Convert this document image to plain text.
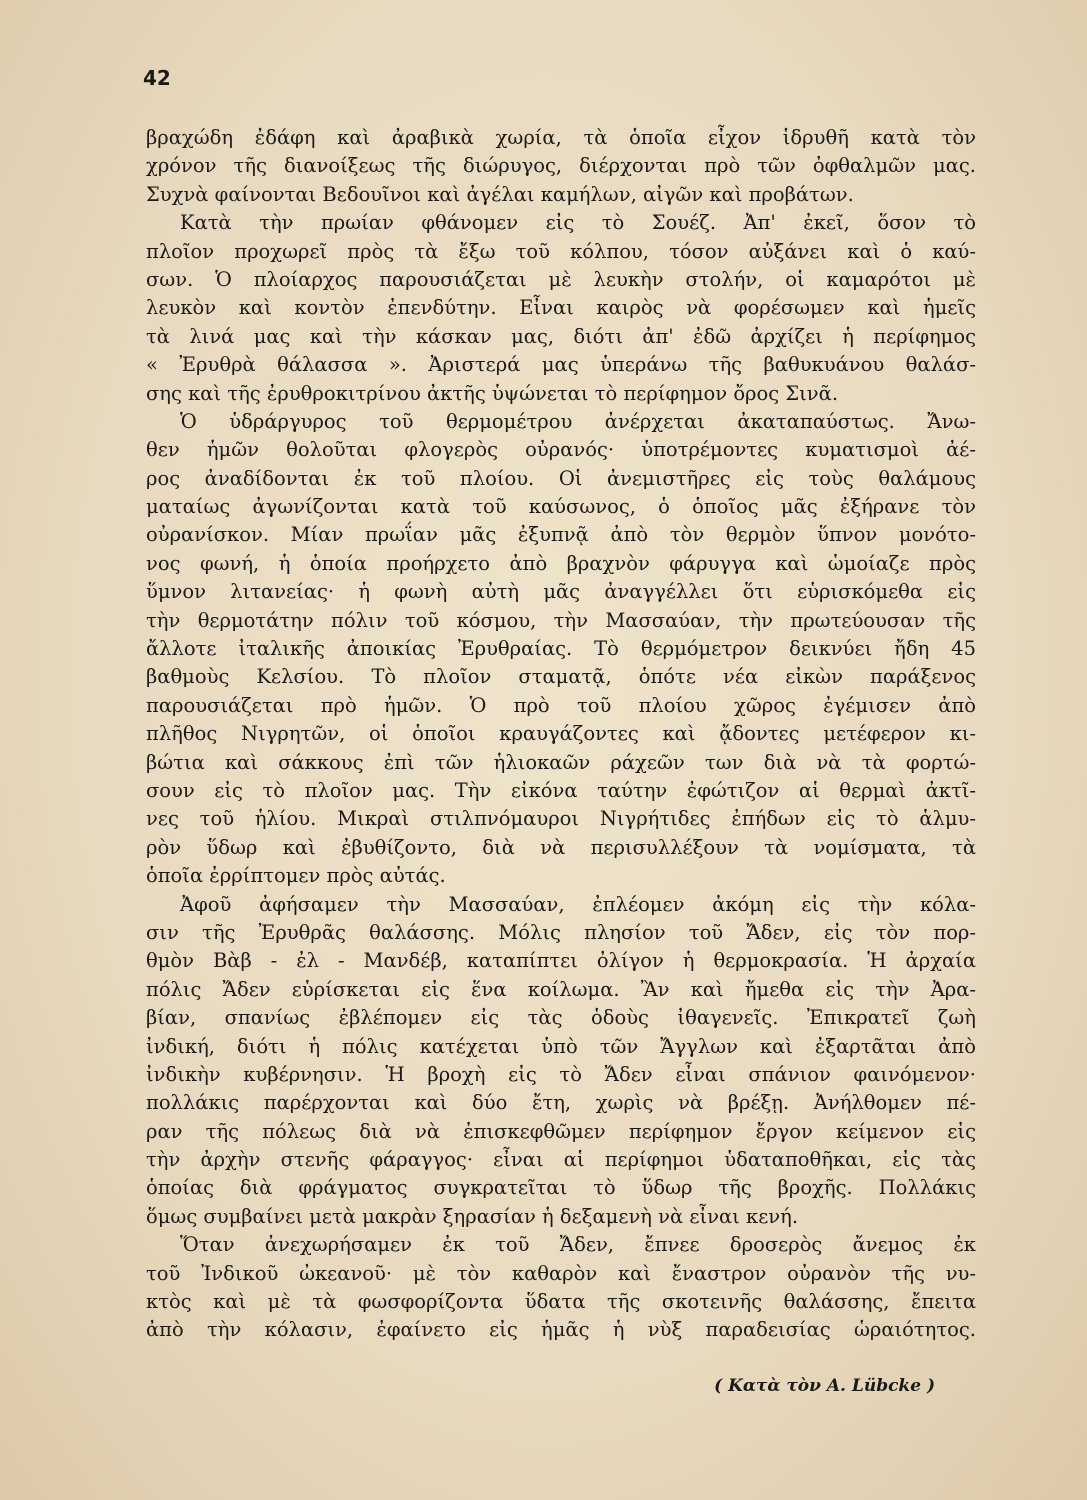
42
βραχώδη ἐδάφη καὶ ἀραβικὰ χωρία, τὰ ὁποῖα εἶχον ἱδρυθῆ κατὰ τὸν
χρόνον τῆς διανοίξεως τῆς διώρυγος, διέρχονται πρὸ τῶν ὀφθαλμῶν μας.
Συχνὰ φαίνονται Βεδουῖνοι καὶ ἀγέλαι καμήλων, αἰγῶν καὶ προβάτων.
Κατὰ τὴν πρωίαν φθάνομεν εἰς τὸ Σουέζ. Ἀπ' ἐκεῖ, ὅσον τὸ
πλοῖον προχωρεῖ πρὸς τὰ ἔξω τοῦ κόλπου, τόσον αὐξάνει καὶ ὁ καύ-
σων. Ὁ πλοίαρχος παρουσιάζεται μὲ λευκὴν στολήν, οἱ καμαρότοι μὲ
λευκὸν καὶ κοντὸν ἐπενδύτην. Εἶναι καιρὸς νὰ φορέσωμεν καὶ ἡμεῖς
τὰ λινά μας καὶ τὴν κάσκαν μας, διότι ἀπ' ἐδῶ ἀρχίζει ἡ περίφημος
« Ἐρυθρὰ θάλασσα ». Ἀριστερά μας ὑπεράνω τῆς βαθυκυάνου θαλάσ-
σης καὶ τῆς ἐρυθροκιτρίνου ἀκτῆς ὑψώνεται τὸ περίφημον ὄρος Σινᾶ.
Ὁ ὑδράργυρος τοῦ θερμομέτρου ἀνέρχεται ἀκαταπαύστως. Ἄνω-
θεν ἡμῶν θολοῦται φλογερὸς οὐρανός· ὑποτρέμοντες κυματισμοὶ ἀέ-
ρος ἀναδίδονται ἐκ τοῦ πλοίου. Οἱ ἀνεμιστῆρες εἰς τοὺς θαλάμους
ματαίως ἀγωνίζονται κατὰ τοῦ καύσωνος, ὁ ὁποῖος μᾶς ἐξήρανε τὸν
οὐρανίσκον. Μίαν πρωΐαν μᾶς ἐξυπνᾷ ἀπὸ τὸν θερμὸν ὕπνον μονότο-
νος φωνή, ἡ ὁποία προήρχετο ἀπὸ βραχνὸν φάρυγγα καὶ ὡμοίαζε πρὸς
ὕμνον λιτανείας· ἡ φωνὴ αὐτὴ μᾶς ἀναγγέλλει ὅτι εὑρισκόμεθα εἰς
τὴν θερμοτάτην πόλιν τοῦ κόσμου, τὴν Μασσαύαν, τὴν πρωτεύουσαν τῆς
ἄλλοτε ἰταλικῆς ἀποικίας Ἐρυθραίας. Τὸ θερμόμετρον δεικνύει ἤδη 45
βαθμοὺς Κελσίου. Τὸ πλοῖον σταματᾷ, ὁπότε νέα εἰκὼν παράξενος
παρουσιάζεται πρὸ ἡμῶν. Ὁ πρὸ τοῦ πλοίου χῶρος ἐγέμισεν ἀπὸ
πλῆθος Νιγρητῶν, οἱ ὁποῖοι κραυγάζοντες καὶ ᾄδοντες μετέφερον κι-
βώτια καὶ σάκκους ἐπὶ τῶν ἡλιοκαῶν ράχεῶν των διὰ νὰ τὰ φορτώ-
σουν εἰς τὸ πλοῖον μας. Τὴν εἰκόνα ταύτην ἐφώτιζον αἱ θερμαὶ ἀκτῖ-
νες τοῦ ἡλίου. Μικραὶ στιλπνόμαυροι Νιγρήτιδες ἐπήδων εἰς τὸ ἁλμυ-
ρὸν ὕδωρ καὶ ἐβυθίζοντο, διὰ νὰ περισυλλέξουν τὰ νομίσματα, τὰ
ὁποῖα ἐρρίπτομεν πρὸς αὐτάς.
Ἀφοῦ ἀφήσαμεν τὴν Μασσαύαν, ἐπλέομεν ἀκόμη εἰς τὴν κόλα-
σιν τῆς Ἐρυθρᾶς θαλάσσης. Μόλις πλησίον τοῦ Ἄδεν, εἰς τὸν πορ-
θμὸν Βὰβ - ἐλ - Μανδέβ, καταπίπτει ὀλίγον ἡ θερμοκρασία. Ἡ ἀρχαία
πόλις Ἄδεν εὑρίσκεται εἰς ἕνα κοίλωμα. Ἂν καὶ ἤμεθα εἰς τὴν Ἀρα-
βίαν, σπανίως ἐβλέπομεν εἰς τὰς ὁδοὺς ἰθαγενεῖς. Ἐπικρατεῖ ζωὴ
ἰνδική, διότι ἡ πόλις κατέχεται ὑπὸ τῶν Ἄγγλων καὶ ἐξαρτᾶται ἀπὸ
ἰνδικὴν κυβέρνησιν. Ἡ βροχὴ εἰς τὸ Ἄδεν εἶναι σπάνιον φαινόμενον·
πολλάκις παρέρχονται καὶ δύο ἔτη, χωρὶς νὰ βρέξῃ. Ἀνήλθομεν πέ-
ραν τῆς πόλεως διὰ νὰ ἐπισκεφθῶμεν περίφημον ἔργον κείμενον εἰς
τὴν ἀρχὴν στενῆς φάραγγος· εἶναι αἱ περίφημοι ὑδαταποθῆκαι, εἰς τὰς
ὁποίας διὰ φράγματος συγκρατεῖται τὸ ὕδωρ τῆς βροχῆς. Πολλάκις
ὅμως συμβαίνει μετὰ μακρὰν ξηρασίαν ἡ δεξαμενὴ νὰ εἶναι κενή.
Ὅταν ἀνεχωρήσαμεν ἐκ τοῦ Ἄδεν, ἔπνεε δροσερὸς ἄνεμος ἐκ
τοῦ Ἰνδικοῦ ὠκεανοῦ· μὲ τὸν καθαρὸν καὶ ἔναστρον οὐρανὸν τῆς νυ-
κτὸς καὶ μὲ τὰ φωσφορίζοντα ὕδατα τῆς σκοτεινῆς θαλάσσης, ἔπειτα
ἀπὸ τὴν κόλασιν, ἐφαίνετο εἰς ἡμᾶς ἡ νὺξ παραδεισίας ὡραιότητος.
( Κατὰ τὸν Α. Lübcke )
